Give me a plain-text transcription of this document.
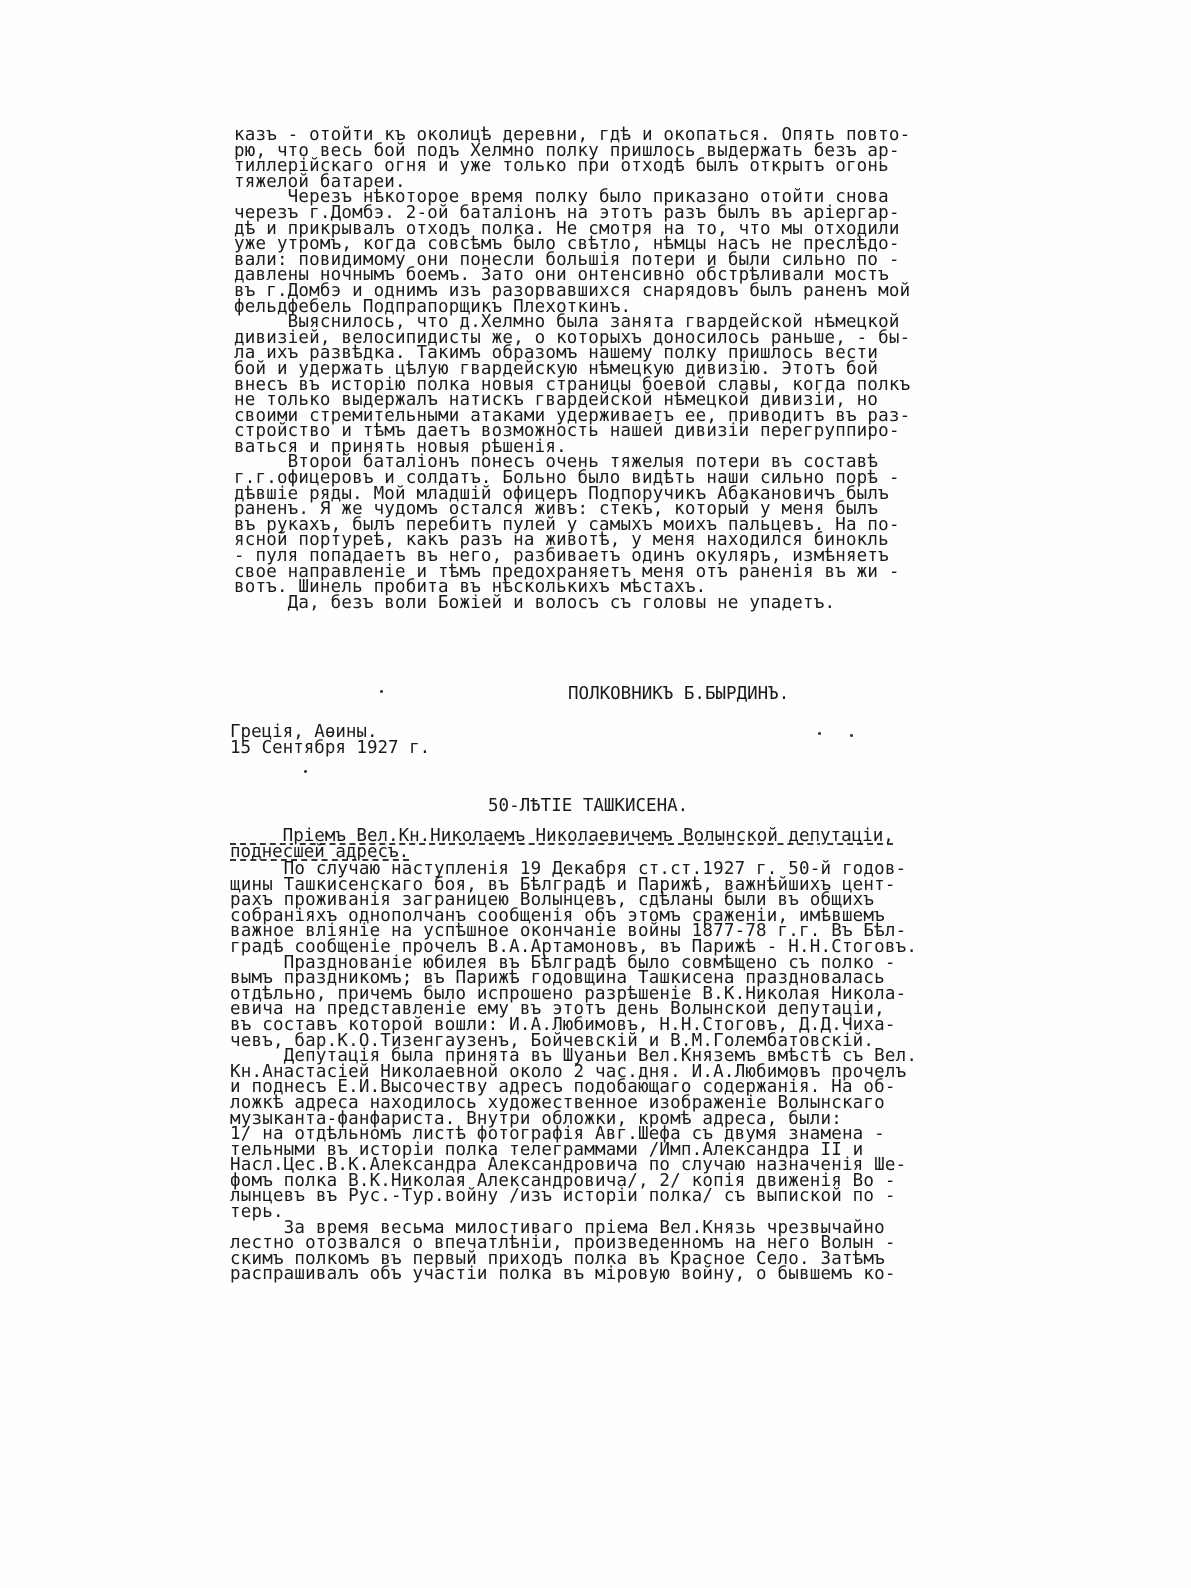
казъ - отойти къ околицѣ деревни, гдѣ и окопаться. Опять повто-
рю, что весь бой подъ Хелмно полку пришлось выдержать безъ ар-
тиллерійскаго огня и уже только при отходѣ былъ открытъ огонь
тяжелой батареи.
Черезъ нѣкоторое время полку было приказано отойти снова
черезъ г.Домбэ. 2-ой баталіонъ на этотъ разъ былъ въ аріергар-
дѣ и прикрывалъ отходъ полка. Не смотря на то, что мы отходили
уже утромъ, когда совсѣмъ было свѣтло, нѣмцы насъ не преслѣдо-
вали: повидимому они понесли большія потери и были сильно по -
давлены ночнымъ боемъ. Зато они онтенсивно обстрѣливали мостъ
въ г.Домбэ и однимъ изъ разорвавшихся снарядовъ былъ раненъ мой
фельдфебель Подпрапорщикъ Плехоткинъ.
Выяснилось, что д.Хелмно была занята гвардейской нѣмецкой
дивизіей, велосипидисты же, о которыхъ доносилось раньше, - бы-
ла ихъ развѣдка. Такимъ образомъ нашему полку пришлось вести
бой и удержать цѣлую гвардейскую нѣмецкую дивизію. Этотъ бой
внесъ въ исторію полка новыя страницы боевой славы, когда полкъ
не только выдержалъ натискъ гвардейской нѣмецкой дивизіи, но
своими стремительными атаками удерживаетъ ее, приводитъ въ раз-
стройство и тѣмъ даетъ возможность нашей дивизіи перегруппиро-
ваться и принять новыя рѣшенія.
Второй баталіонъ понесъ очень тяжелыя потери въ составѣ
г.г.офицеровъ и солдатъ. Больно было видѣть наши сильно порѣ -
дѣвшіе ряды. Мой младшій офицеръ Подпоручикъ Абакановичъ былъ
раненъ. Я же чудомъ остался живъ: стекъ, который у меня былъ
въ рукахъ, былъ перебитъ пулей у самыхъ моихъ пальцевъ. На по-
ясной портуреѣ, какъ разъ на животѣ, у меня находился бинокль
- пуля попадаетъ въ него, разбиваетъ одинъ окуляръ, измѣняетъ
свое направленіе и тѣмъ предохраняетъ меня отъ раненія въ жи -
вотъ. Шинель пробита въ нѣсколькихъ мѣстахъ.
Да, безъ воли Божіей и волосъ съ головы не упадетъ.
ПОЛКОВНИКЪ Б.БЫРДИНЪ.
Греція, Аѳины.
15 Сентября 1927 г.
50-ЛѢТІЕ ТАШКИСЕНА.
Пріемъ Вел.Кн.Николаемъ Николаевичемъ Волынской депутаціи,
поднесшей адресъ.
По случаю наступленія 19 Декабря ст.ст.1927 г. 50-й годов-
щины Ташкисенскаго боя, въ Бѣлградѣ и Парижѣ, важнѣйшихъ цент-
рахъ проживанія заграницею Волынцевъ, сдѣланы были въ общихъ
собраніяхъ однополчанъ сообщенія объ этомъ сраженіи, имѣвшемъ
важное вліяніе на успѣшное окончаніе войны 1877-78 г.г. Въ Бѣл-
градѣ сообщеніе прочелъ В.А.Артамоновъ, въ Парижѣ - Н.Н.Стоговъ.
Празднованіе юбилея въ Бѣлградѣ было совмѣщено съ полко -
вымъ праздникомъ; въ Парижѣ годовщина Ташкисена праздновалась
отдѣльно, причемъ было испрошено разрѣшеніе В.К.Николая Никола-
евича на представленіе ему въ этотъ день Волынской депутаціи,
въ составъ которой вошли: И.А.Любимовъ, Н.Н.Стоговъ, Д.Д.Чиха-
чевъ, бар.К.О.Тизенгаузенъ, Бойчевскій и В.М.Голембатовскій.
Депутація была принята въ Шуаньи Вел.Княземъ вмѣстѣ съ Вел.
Кн.Анастасіей Николаевной около 2 час.дня. И.А.Любимовъ прочелъ
и поднесъ Е.И.Высочеству адресъ подобающаго содержанія. На об-
ложкѣ адреса находилось художественное изображеніе Волынскаго
музыканта-фанфариста. Внутри обложки, кромѣ адреса, были:
1/ на отдѣльномъ листѣ фотографія Авг.Шефа съ двумя знамена -
тельными въ исторіи полка телеграммами /Имп.Александра II и
Насл.Цес.В.К.Александра Александровича по случаю назначенія Ше-
фомъ полка В.К.Николая Александровича/, 2/ копія движенія Во -
лынцевъ въ Рус.-Тур.войну /изъ исторіи полка/ съ выпиской по -
терь.
За время весьма милостиваго пріема Вел.Князь чрезвычайно
лестно отозвался о впечатлѣніи, произведенномъ на него Волын -
скимъ полкомъ въ первый приходъ полка въ Красное Село. Затѣмъ
распрашивалъ объ участіи полка въ міровую войну, о бывшемъ ко-
